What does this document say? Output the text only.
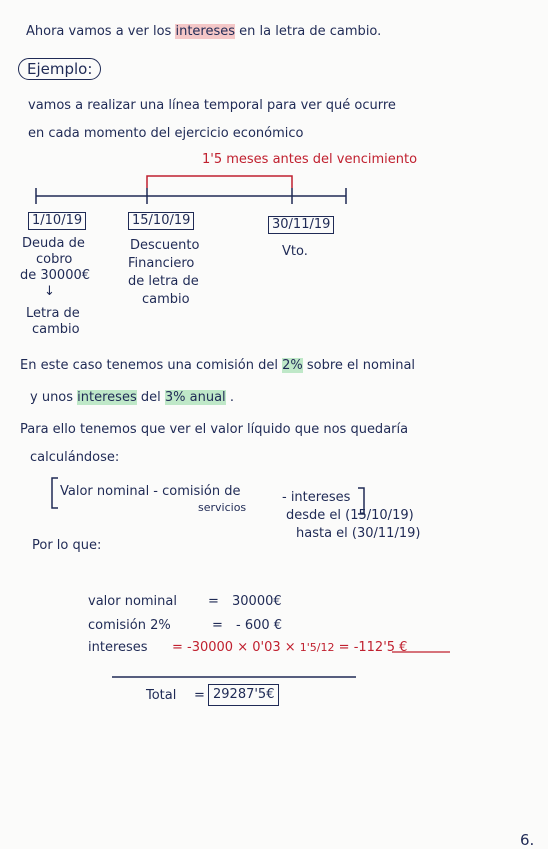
Ahora vamos a ver los intereses en la letra de cambio.
Ejemplo:
vamos a realizar una línea temporal para ver qué ocurre
en cada momento del ejercicio económico
1'5 meses antes del vencimiento
1/10/19	15/10/19	30/11/19
Deuda de
cobro
de 30000€
↓
Letra de
cambio
Descuento
Financiero
de letra de
cambio
Vto.
En este caso tenemos una comisión del 2% sobre el nominal
y unos intereses del 3% anual .
Para ello tenemos que ver el valor líquido que nos quedaría
calculándose:
Valor nominal - comisión de
servicios
- intereses
desde el (15/10/19)
hasta el (30/11/19)
Por lo que:
valor nominal = 30000€
comisión 2%	= - 600 €
intereses = -30000 × 0'03 × 1'5/12 = -112'5 €
Total = 29287'5€
6.
